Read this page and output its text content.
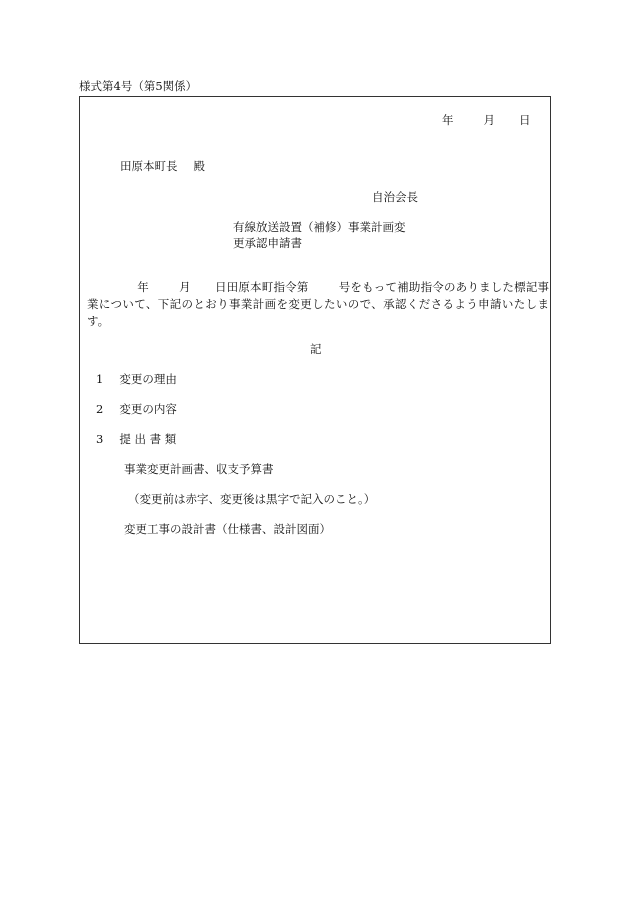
様式第4号（第5関係）
年	月 日
田原本町長 殿
自治会長
有線放送設置（補修）事業計画変
更承認申請書
年	月 日田原本町指令第	号をもって補助指令のありました標記事業について、下記のとおり事業計画を変更したいので、承認くださるよう申請いたします。
記
1 変更の理由
2 変更の内容
3 提 出 書 類
事業変更計画書、収支予算書
（変更前は赤字、変更後は黒字で記入のこと。）
変更工事の設計書（仕様書、設計図面）
